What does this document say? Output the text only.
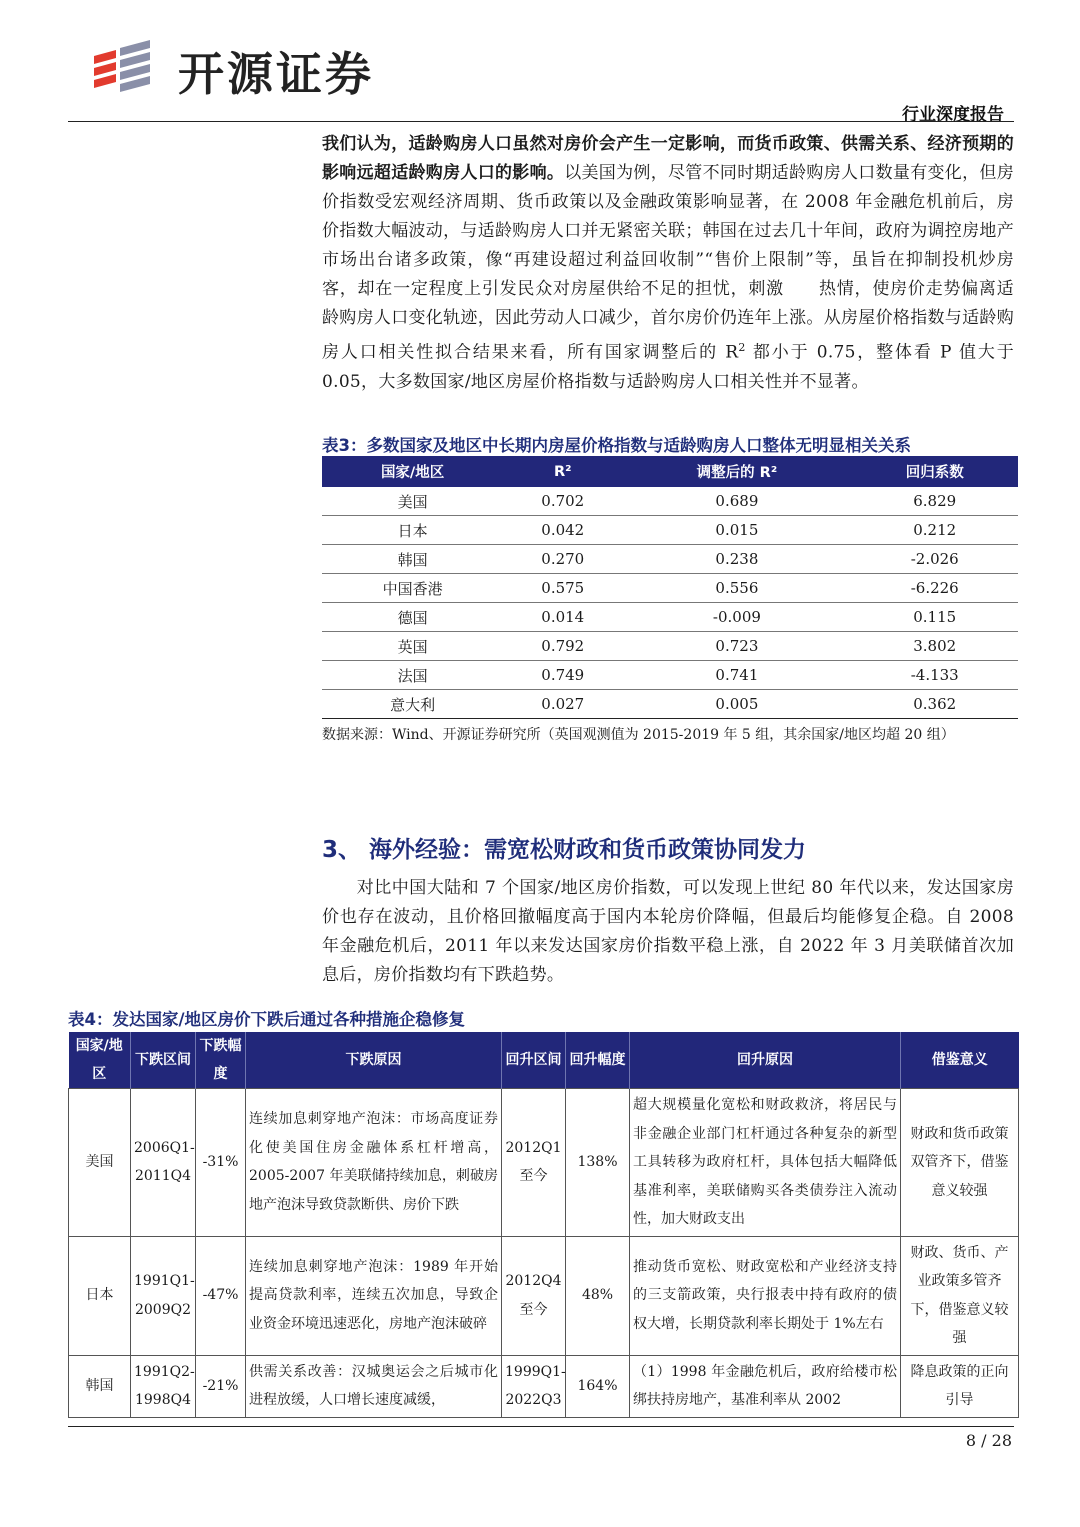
开源证券
行业深度报告

我们认为，适龄购房人口虽然对房价会产生一定影响，而货币政策、供需关系、经济预期的影响远超适龄购房人口的影响。以美国为例，尽管不同时期适龄购房人口数量有变化，但房价指数受宏观经济周期、货币政策以及金融政策影响显著，在 2008 年金融危机前后，房价指数大幅波动，与适龄购房人口并无紧密关联；韩国在过去几十年间，政府为调控房地产市场出台诸多政策，像“再建设超过利益回收制”“售价上限制”等，虽旨在抑制投机炒房客，却在一定程度上引发民众对房屋供给不足的担忧，刺激   热情，使房价走势偏离适龄购房人口变化轨迹，因此劳动人口减少，首尔房价仍连年上涨。从房屋价格指数与适龄购房人口相关性拟合结果来看，所有国家调整后的 $R^2$ 都小于 0.75，整体看 P 值大于 0.05，大多数国家/地区房屋价格指数与适龄购房人口相关性并不显著。

表3：多数国家及地区中长期内房屋价格指数与适龄购房人口整体无明显相关关系
国家/地区	R²	调整后的 R²	回归系数
美国	0.702	0.689	6.829
日本	0.042	0.015	0.212
韩国	0.270	0.238	-2.026
中国香港	0.575	0.556	-6.226
德国	0.014	-0.009	0.115
英国	0.792	0.723	3.802
法国	0.749	0.741	-4.133
意大利	0.027	0.005	0.362
数据来源：Wind、开源证券研究所（英国观测值为 2015-2019 年 5 组，其余国家/地区均超 20 组）
3、 海外经验：需宽松财政和货币政策协同发力

  对比中国大陆和 7 个国家/地区房价指数，可以发现上世纪 80 年代以来，发达国家房价也存在波动，且价格回撤幅度高于国内本轮房价降幅，但最后均能修复企稳。自 2008 年金融危机后，2011 年以来发达国家房价指数平稳上涨，自 2022 年 3 月美联储首次加息后，房价指数均有下跌趋势。

表4：发达国家/地区房价下跌后通过各种措施企稳修复
国家/地区	下跌区间	下跌幅度	下跌原因	回升区间	回升幅度	回升原因	借鉴意义
美国	2006Q1-2011Q4	-31%	连续加息刺穿地产泡沫：市场高度证券化使美国住房金融体系杠杆增高，2005-2007 年美联储持续加息，刺破房地产泡沫导致贷款断供、房价下跌	2012Q1至今	138%	超大规模量化宽松和财政救济，将居民与非金融企业部门杠杆通过各种复杂的新型工具转移为政府杠杆，具体包括大幅降低基准利率，美联储购买各类债券注入流动性，加大财政支出	财政和货币政策双管齐下，借鉴意义较强
日本	1991Q1-2009Q2	-47%	连续加息刺穿地产泡沫：1989 年开始提高贷款利率，连续五次加息，导致企业资金环境迅速恶化，房地产泡沫破碎	2012Q4至今	48%	推动货币宽松、财政宽松和产业经济支持的三支箭政策，央行报表中持有政府的债权大增，长期贷款利率长期处于 1%左右	财政、货币、产业政策多管齐下，借鉴意义较强
韩国	1991Q2-1998Q4	-21%	供需关系改善：汉城奥运会之后城市化进程放缓，人口增长速度减缓，	1999Q1-2022Q3	164%	（1）1998 年金融危机后，政府给楼市松绑扶持房地产，基准利率从 2002	降息政策的正向引导
8 / 28
